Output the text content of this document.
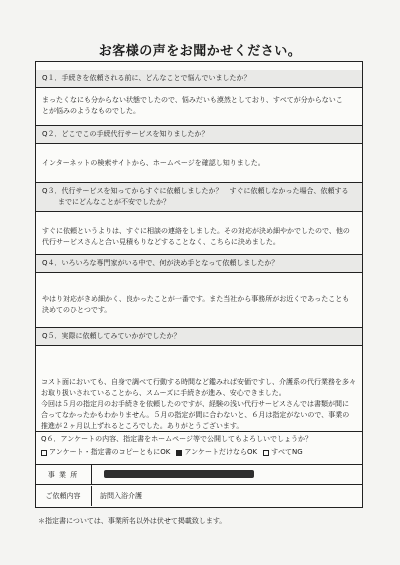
お客様の声をお聞かせください。
Q１．手続きを依頼される前に、どんなことで悩んでいましたか？
まったくなにも分からない状態でしたので、悩みだいも漠然としており、すべてが分からないこ
とが悩みのようなものでした。
Q２．どこでこの手続代行サービスを知りましたか？
インターネットの検索サイトから、ホームページを確認し知りました。
Q３．代行サービスを知ってからすぐに依頼しましたか？　すぐに依頼しなかった場合、依頼する
までにどんなことが不安でしたか？
すぐに依頼というよりは、すぐに相談の連絡をしました。その対応が決め細やかでしたので、他の
代行サービスさんと合い見積もりなどすることなく、こちらに決めました。
Q４．いろいろな専門家がいる中で、何が決め手となって依頼しましたか？
やはり対応がきめ細かく、良かったことが一番です。また当社から事務所がお近くであったことも
決めてのひとつです。
Q５．実際に依頼してみていかがでしたか？
コスト面においても、自身で調べて行動する時間など鑑みれば安価ですし、介護系の代行業務を多々
お取り扱いされていることから、スムーズに手続きが進み、安心できました。
今回は５月の指定月のお手続きを依頼したのですが、経験の浅い代行サービスさんでは書類が間に
合ってなかったかもわかりません。５月の指定が間に合わないと、６月は指定がないので、事業の
推進が２ヶ月以上ずれるところでした。ありがとうございます。
Q６．アンケートの内容、指定書をホームページ等で公開してもよろしいでしょうか？
アンケート・指定書のコピーともにOK アンケートだけならOK すべてNG
事 業 所
ご依頼内容	訪問入浴介護
＊指定書については、事業所名以外は伏せて掲載致します。
